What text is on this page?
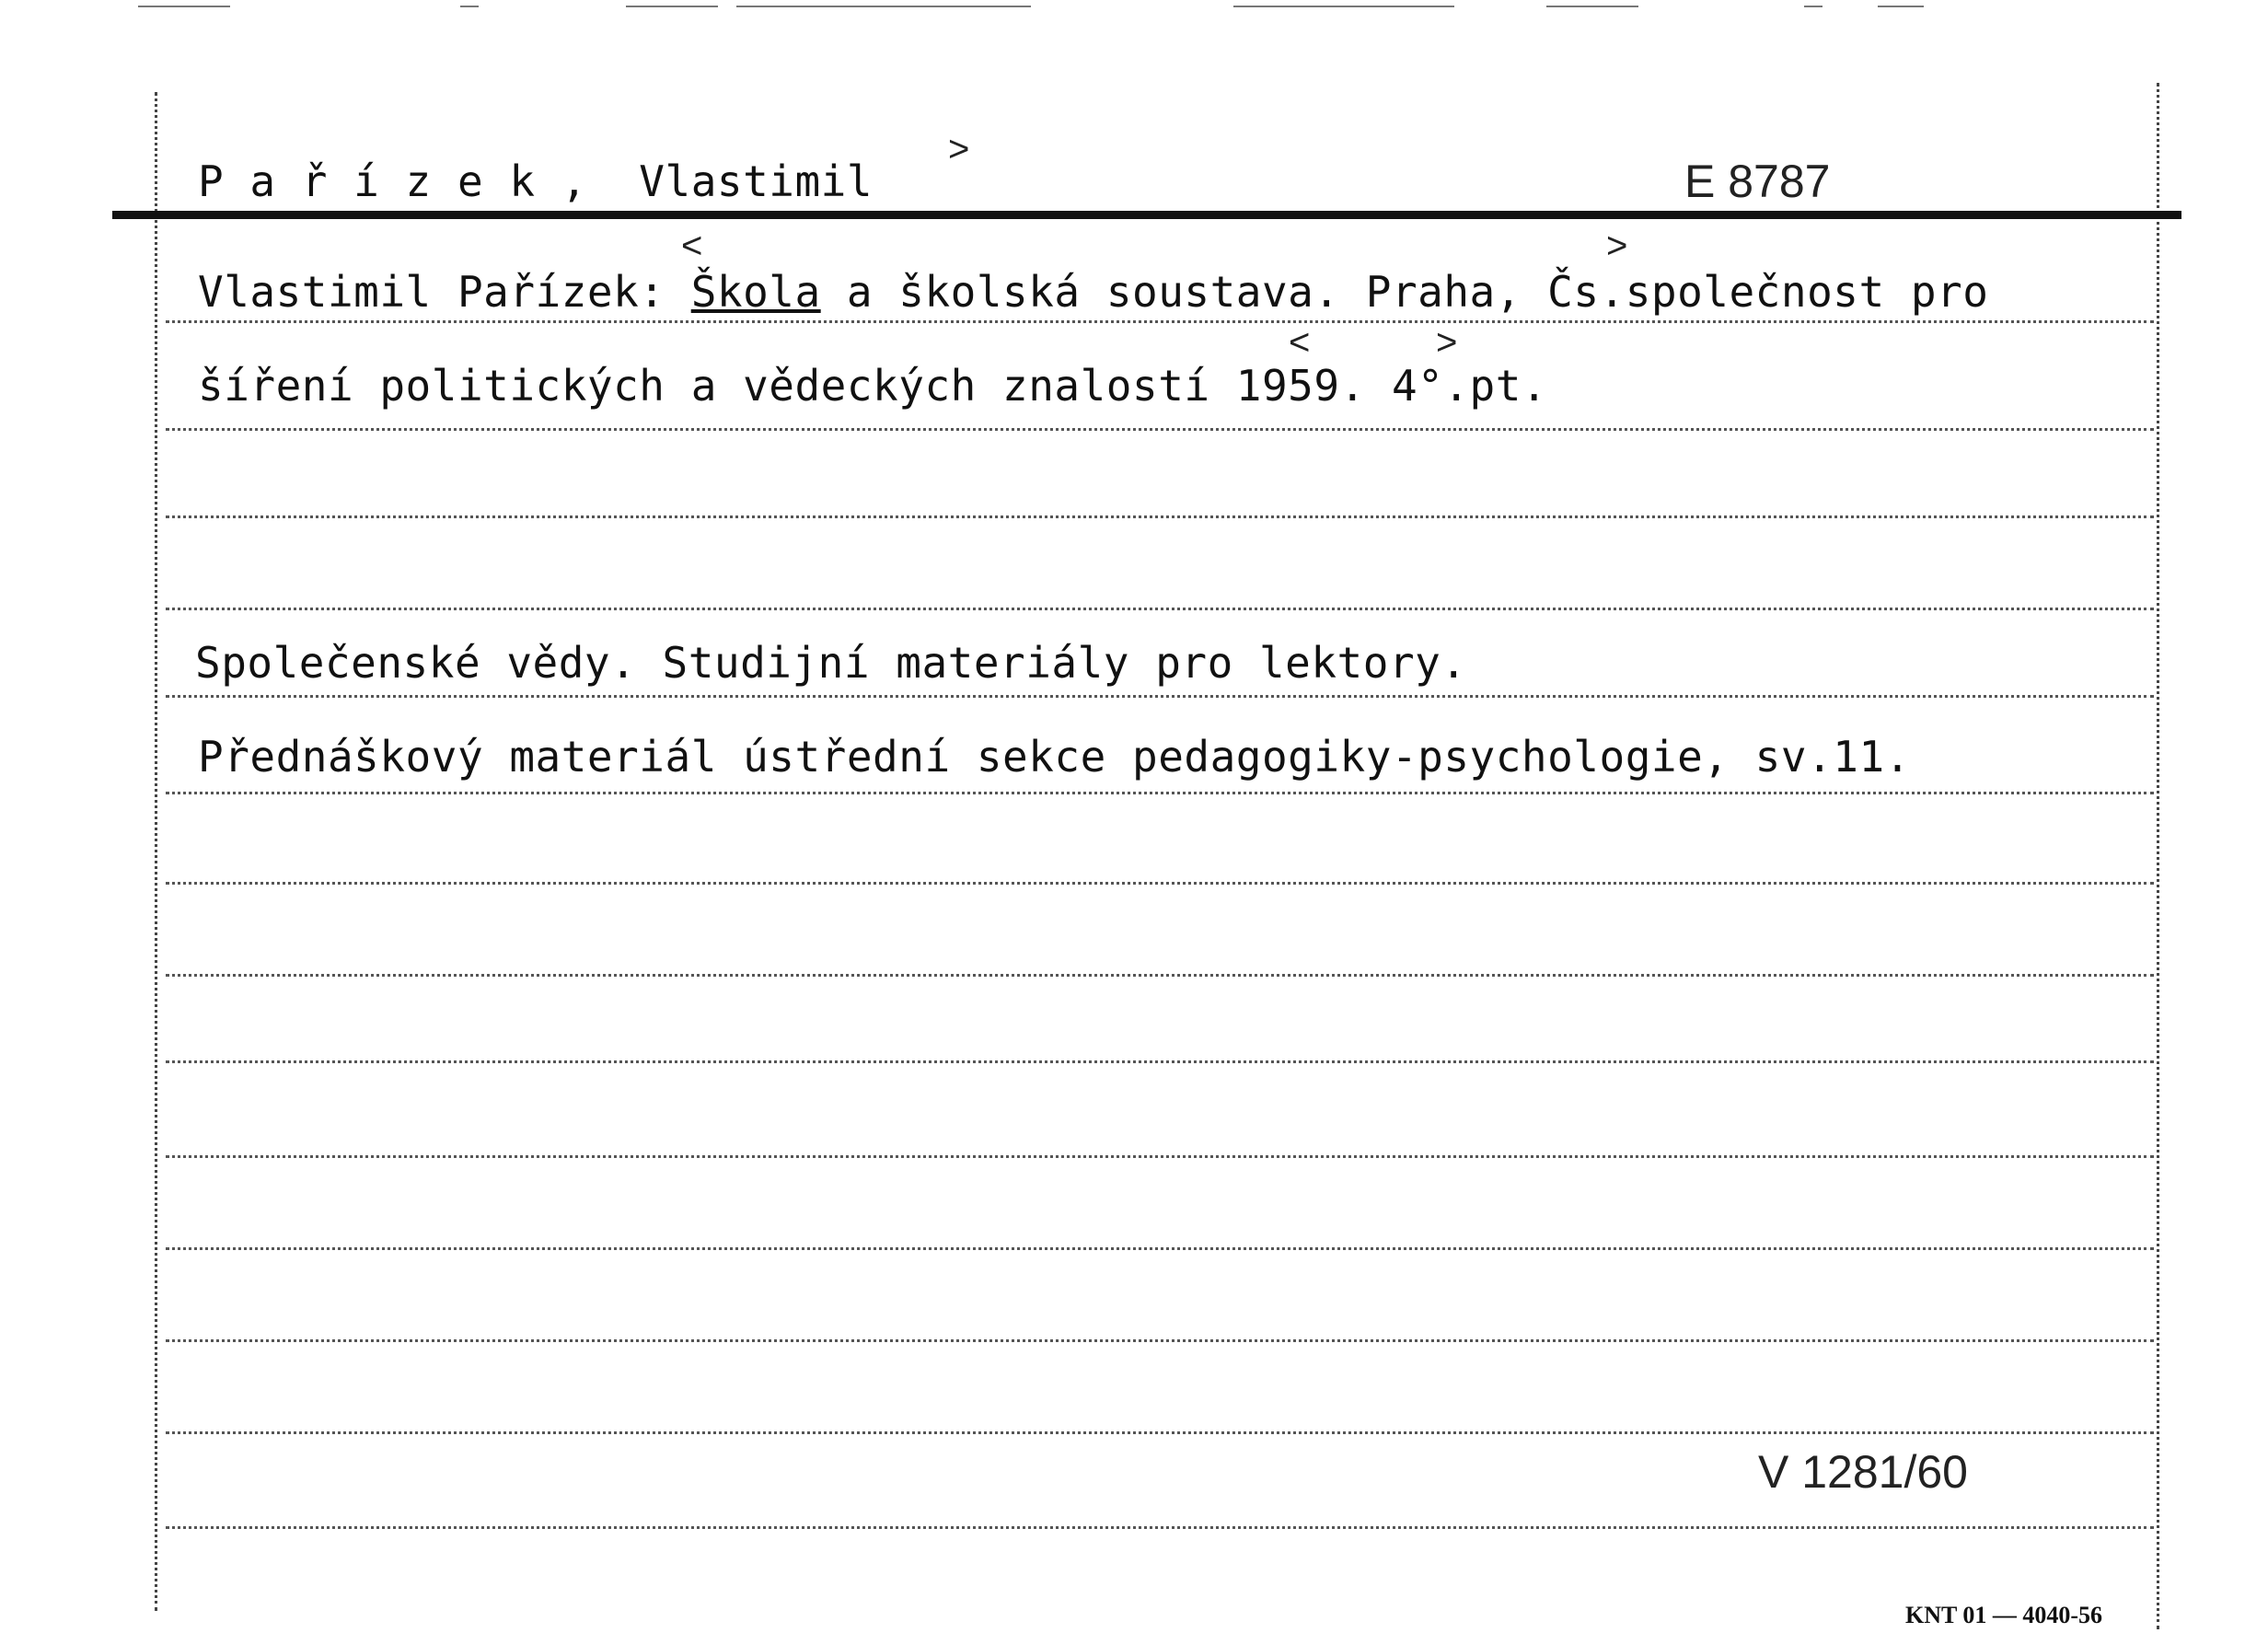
P a ř í z e k ,  Vlastimil
>
E 8787
Vlastimil Pařízek: Škola a školská soustava. Praha, Čs.společnost pro
<	>
šíření politických a vědeckých znalostí 1959. 4°.pt.
<	>
Společenské vědy. Studijní materiály pro lektory.
Přednáškový materiál ústřední sekce pedagogiky-psychologie, sv.11.
V 1281/60
KNT 01 — 4040-56
